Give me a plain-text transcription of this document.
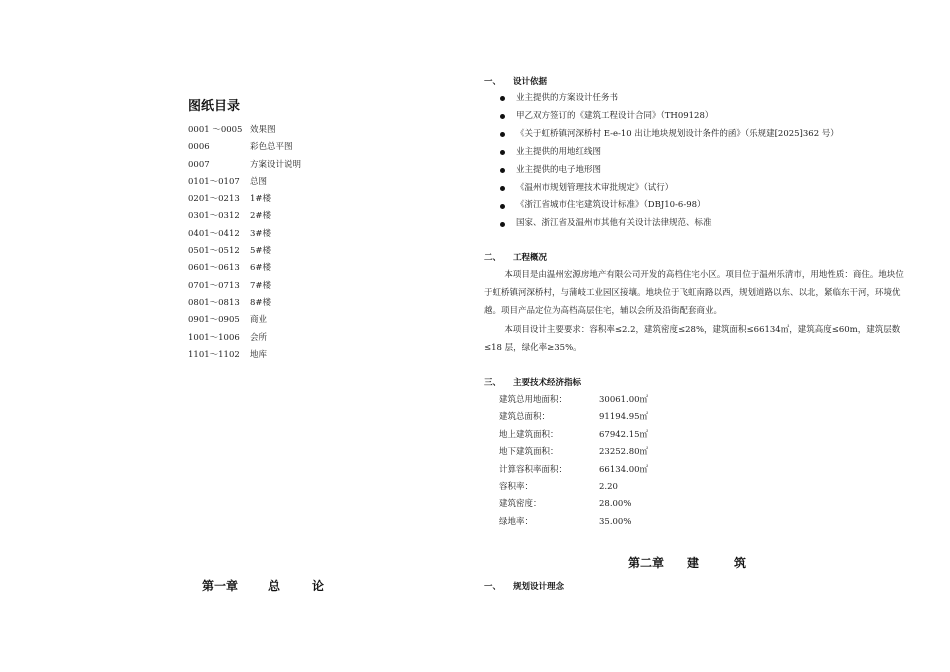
图纸目录
0001 ～0005 效果图
0006	彩色总平图
0007	方案设计说明
0101～0107	总图
0201～0213	1#楼
0301～0312	2#楼
0401～0412	3#楼
0501～0512	5#楼
0601～0613	6#楼
0701～0713	7#楼
0801～0813	8#楼
0901～0905	商业
1001～1006	会所
1101～1102	地库
第一章	总	论
一、 设计依据
业主提供的方案设计任务书
甲乙双方签订的《建筑工程设计合同》（TH09128）
《关于虹桥镇河深桥村 E-e-10 出让地块规划设计条件的函》（乐规建[2025]362 号）
业主提供的用地红线图
业主提供的电子地形图
《温州市规划管理技术审批规定》（试行）
《浙江省城市住宅建筑设计标准》（DBJ10-6-98）
国家、浙江省及温州市其他有关设计法律规范、标准
二、 工程概况

本项目是由温州宏源房地产有限公司开发的高档住宅小区。项目位于温州乐清市，用地性质：商住。地块位于虹桥镇河深桥村，与蒲岐工业园区接壤。地块位于飞虹南路以西，规划道路以东、以北，紧临东干河，环境优越。项目产品定位为高档高层住宅，辅以会所及沿街配套商业。

本项目设计主要要求：容积率≤2.2，建筑密度≤28%，建筑面积≤66134㎡，建筑高度≤60m，建筑层数≤18 层，绿化率≥35%。

三、 主要技术经济指标
建筑总用地面积：	30061.00㎡
建筑总面积：	91194.95㎡
地上建筑面积：	67942.15㎡
地下建筑面积：	23252.80㎡
计算容积率面积：	66134.00㎡
容积率：	2.20
建筑密度：	28.00%
绿地率：	35.00%
第二章 建	筑
一、 规划设计理念
